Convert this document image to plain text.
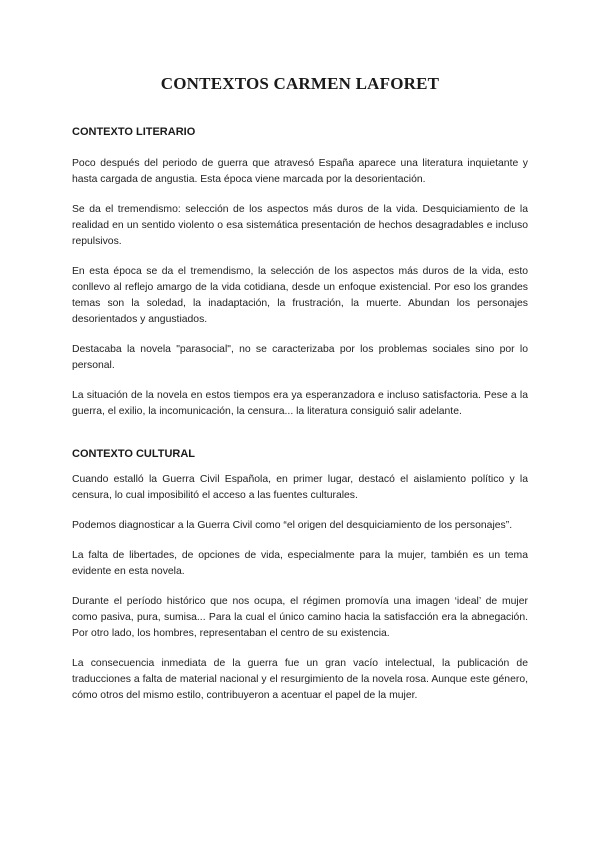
CONTEXTOS CARMEN LAFORET
CONTEXTO LITERARIO

Poco después del periodo de guerra que atravesó España aparece una literatura inquietante y hasta cargada de angustia. Esta época viene marcada por la desorientación.

Se da el tremendismo: selección de los aspectos más duros de la vida. Desquiciamiento de la realidad en un sentido violento o esa sistemática presentación de hechos desagradables e incluso repulsivos.

En esta época se da el tremendismo, la selección de los aspectos más duros de la vida, esto conllevo al reflejo amargo de la vida cotidiana, desde un enfoque existencial. Por eso los grandes temas son la soledad, la inadaptación, la frustración, la muerte. Abundan los personajes desorientados y angustiados.

Destacaba la novela "parasocial", no se caracterizaba por los problemas sociales sino por lo personal.

La situación de la novela en estos tiempos era ya esperanzadora e incluso satisfactoria. Pese a la guerra, el exilio, la incomunicación, la censura... la literatura consiguió salir adelante.

CONTEXTO CULTURAL

Cuando estalló la Guerra Civil Española, en primer lugar, destacó el aislamiento político y la censura, lo cual imposibilitó el acceso a las fuentes culturales.

Podemos diagnosticar a la Guerra Civil como “el origen del desquiciamiento de los personajes”.

La falta de libertades, de opciones de vida, especialmente para la mujer, también es un tema evidente en esta novela.

Durante el período histórico que nos ocupa, el régimen promovía una imagen ‘ideal’ de mujer como pasiva, pura, sumisa... Para la cual el único camino hacia la satisfacción era la abnegación. Por otro lado, los hombres, representaban el centro de su existencia.

La consecuencia inmediata de la guerra fue un gran vacío intelectual, la publicación de traducciones a falta de material nacional y el resurgimiento de la novela rosa. Aunque este género, cómo otros del mismo estilo, contribuyeron a acentuar el papel de la mujer.
